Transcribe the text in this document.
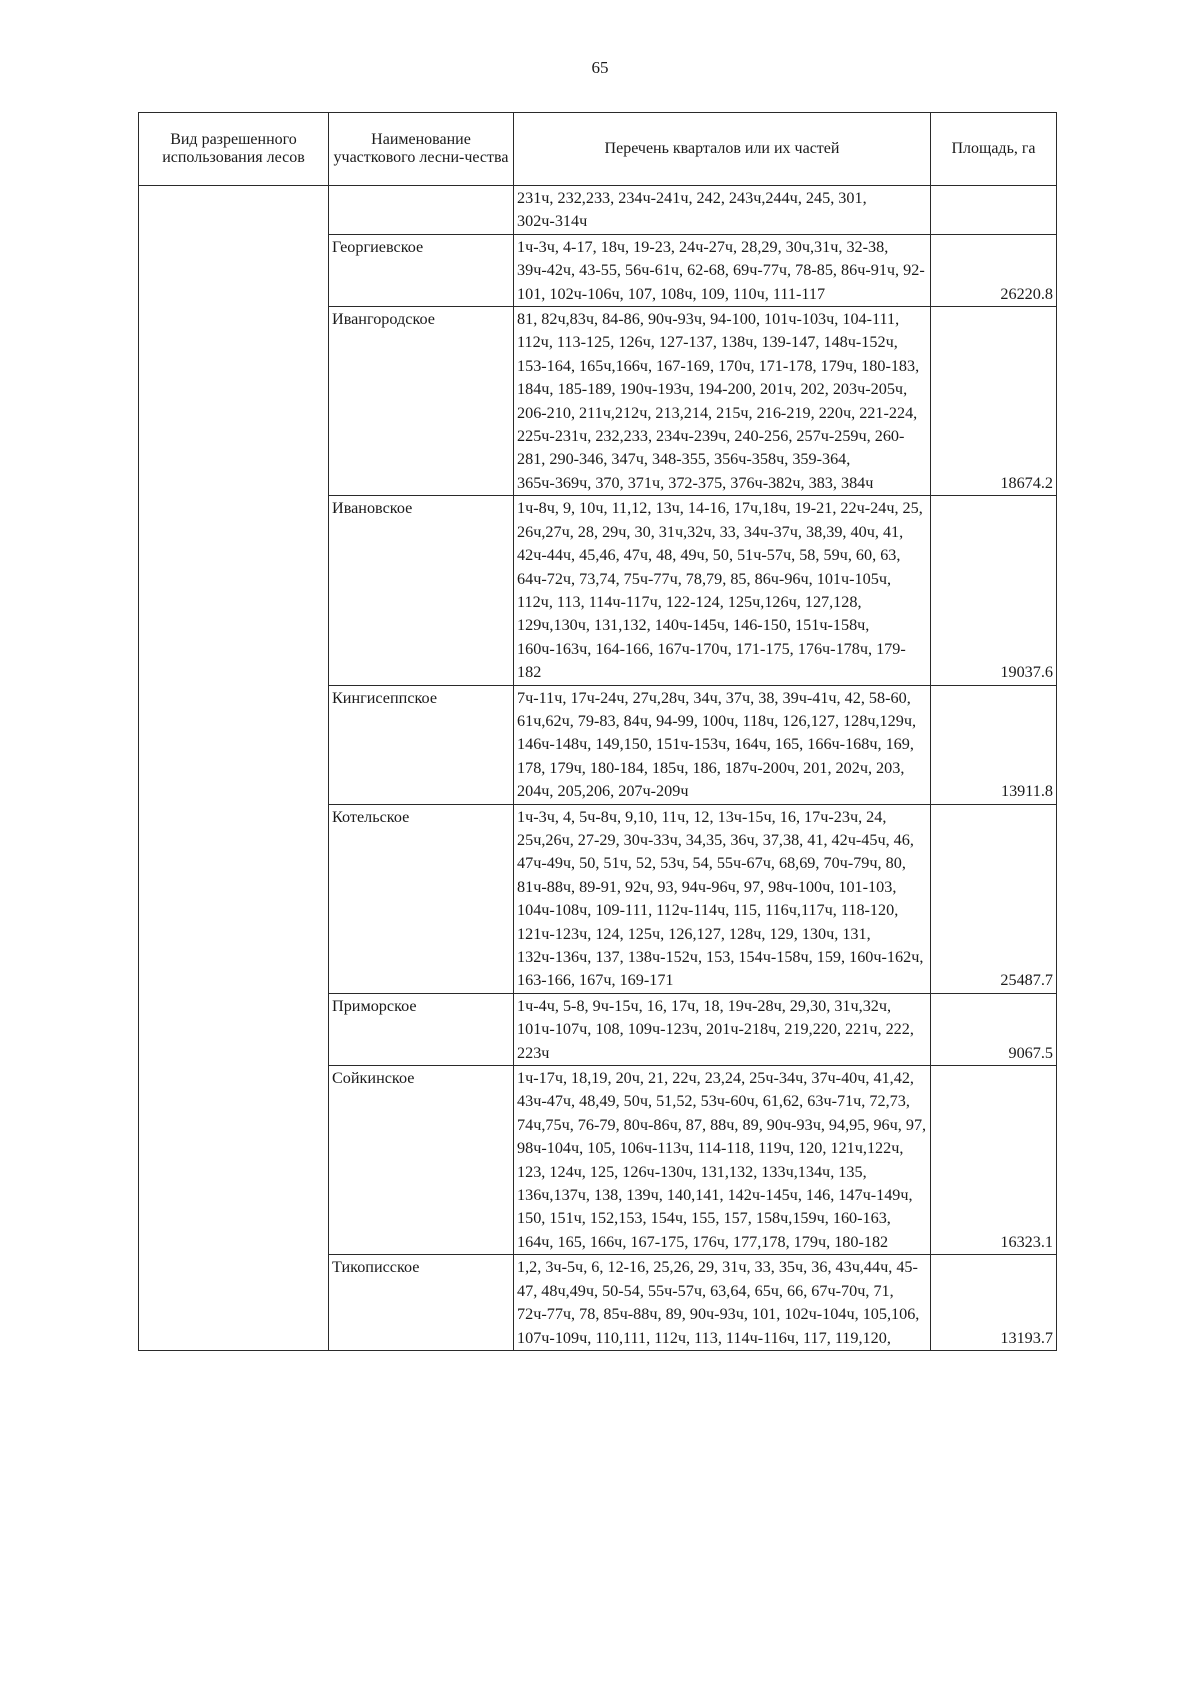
65
Вид разрешенного использования лесов	Наименование участкового лесни-чества	Перечень кварталов или их частей	Площадь, га
		231ч, 232,233, 234ч-241ч, 242, 243ч,244ч, 245, 301, 302ч-314ч	
	Георгиевское	1ч-3ч, 4-17, 18ч, 19-23, 24ч-27ч, 28,29, 30ч,31ч, 32-38, 39ч-42ч, 43-55, 56ч-61ч, 62-68, 69ч-77ч, 78-85, 86ч-91ч, 92-101, 102ч-106ч, 107, 108ч, 109, 110ч, 111-117	26220.8
	Ивангородское	81, 82ч,83ч, 84-86, 90ч-93ч, 94-100, 101ч-103ч, 104-111, 112ч, 113-125, 126ч, 127-137, 138ч, 139-147, 148ч-152ч, 153-164, 165ч,166ч, 167-169, 170ч, 171-178, 179ч, 180-183, 184ч, 185-189, 190ч-193ч, 194-200, 201ч, 202, 203ч-205ч, 206-210, 211ч,212ч, 213,214, 215ч, 216-219, 220ч, 221-224, 225ч-231ч, 232,233, 234ч-239ч, 240-256, 257ч-259ч, 260-281, 290-346, 347ч, 348-355, 356ч-358ч, 359-364, 365ч-369ч, 370, 371ч, 372-375, 376ч-382ч, 383, 384ч	18674.2
	Ивановское	1ч-8ч, 9, 10ч, 11,12, 13ч, 14-16, 17ч,18ч, 19-21, 22ч-24ч, 25, 26ч,27ч, 28, 29ч, 30, 31ч,32ч, 33, 34ч-37ч, 38,39, 40ч, 41, 42ч-44ч, 45,46, 47ч, 48, 49ч, 50, 51ч-57ч, 58, 59ч, 60, 63, 64ч-72ч, 73,74, 75ч-77ч, 78,79, 85, 86ч-96ч, 101ч-105ч, 112ч, 113, 114ч-117ч, 122-124, 125ч,126ч, 127,128, 129ч,130ч, 131,132, 140ч-145ч, 146-150, 151ч-158ч, 160ч-163ч, 164-166, 167ч-170ч, 171-175, 176ч-178ч, 179-182	19037.6
	Кингисеппское	7ч-11ч, 17ч-24ч, 27ч,28ч, 34ч, 37ч, 38, 39ч-41ч, 42, 58-60, 61ч,62ч, 79-83, 84ч, 94-99, 100ч, 118ч, 126,127, 128ч,129ч, 146ч-148ч, 149,150, 151ч-153ч, 164ч, 165, 166ч-168ч, 169, 178, 179ч, 180-184, 185ч, 186, 187ч-200ч, 201, 202ч, 203, 204ч, 205,206, 207ч-209ч	13911.8
	Котельское	1ч-3ч, 4, 5ч-8ч, 9,10, 11ч, 12, 13ч-15ч, 16, 17ч-23ч, 24, 25ч,26ч, 27-29, 30ч-33ч, 34,35, 36ч, 37,38, 41, 42ч-45ч, 46, 47ч-49ч, 50, 51ч, 52, 53ч, 54, 55ч-67ч, 68,69, 70ч-79ч, 80, 81ч-88ч, 89-91, 92ч, 93, 94ч-96ч, 97, 98ч-100ч, 101-103, 104ч-108ч, 109-111, 112ч-114ч, 115, 116ч,117ч, 118-120, 121ч-123ч, 124, 125ч, 126,127, 128ч, 129, 130ч, 131, 132ч-136ч, 137, 138ч-152ч, 153, 154ч-158ч, 159, 160ч-162ч, 163-166, 167ч, 169-171	25487.7
	Приморское	1ч-4ч, 5-8, 9ч-15ч, 16, 17ч, 18, 19ч-28ч, 29,30, 31ч,32ч, 101ч-107ч, 108, 109ч-123ч, 201ч-218ч, 219,220, 221ч, 222, 223ч	9067.5
	Сойкинское	1ч-17ч, 18,19, 20ч, 21, 22ч, 23,24, 25ч-34ч, 37ч-40ч, 41,42, 43ч-47ч, 48,49, 50ч, 51,52, 53ч-60ч, 61,62, 63ч-71ч, 72,73, 74ч,75ч, 76-79, 80ч-86ч, 87, 88ч, 89, 90ч-93ч, 94,95, 96ч, 97, 98ч-104ч, 105, 106ч-113ч, 114-118, 119ч, 120, 121ч,122ч, 123, 124ч, 125, 126ч-130ч, 131,132, 133ч,134ч, 135, 136ч,137ч, 138, 139ч, 140,141, 142ч-145ч, 146, 147ч-149ч, 150, 151ч, 152,153, 154ч, 155, 157, 158ч,159ч, 160-163, 164ч, 165, 166ч, 167-175, 176ч, 177,178, 179ч, 180-182	16323.1
	Тикописское	1,2, 3ч-5ч, 6, 12-16, 25,26, 29, 31ч, 33, 35ч, 36, 43ч,44ч, 45-47, 48ч,49ч, 50-54, 55ч-57ч, 63,64, 65ч, 66, 67ч-70ч, 71, 72ч-77ч, 78, 85ч-88ч, 89, 90ч-93ч, 101, 102ч-104ч, 105,106, 107ч-109ч, 110,111, 112ч, 113, 114ч-116ч, 117, 119,120,	13193.7
